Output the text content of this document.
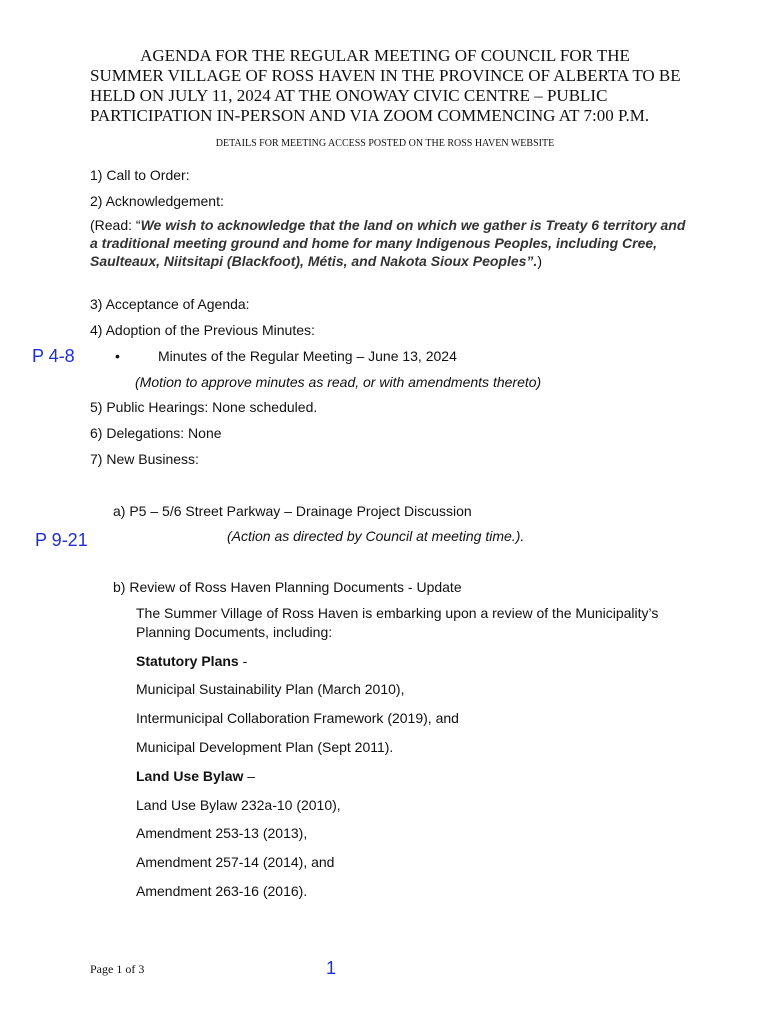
AGENDA FOR THE REGULAR MEETING OF COUNCIL FOR THE
SUMMER VILLAGE OF ROSS HAVEN IN THE PROVINCE OF ALBERTA TO BE
HELD ON JULY 11, 2024 AT THE ONOWAY CIVIC CENTRE – PUBLIC
PARTICIPATION IN-PERSON AND VIA ZOOM COMMENCING AT 7:00 P.M.
DETAILS FOR MEETING ACCESS POSTED ON THE ROSS HAVEN WEBSITE
1) Call to Order:
2) Acknowledgement:
(Read: “We wish to acknowledge that the land on which we gather is Treaty 6 territory and a traditional meeting ground and home for many Indigenous Peoples, including Cree, Saulteaux, Niitsitapi (Blackfoot), Métis, and Nakota Sioux Peoples”.)
3) Acceptance of Agenda:
4) Adoption of the Previous Minutes:
P 4-8	•	Minutes of the Regular Meeting – June 13, 2024
(Motion to approve minutes as read, or with amendments thereto)
5) Public Hearings: None scheduled.
6) Delegations: None
7) New Business:
a) P5 – 5/6 Street Parkway – Drainage Project Discussion
P 9-21	(Action as directed by Council at meeting time.).
b) Review of Ross Haven Planning Documents - Update
The Summer Village of Ross Haven is embarking upon a review of the Municipality’s
Planning Documents, including:
Statutory Plans -
Municipal Sustainability Plan (March 2010),
Intermunicipal Collaboration Framework (2019), and
Municipal Development Plan (Sept 2011).
Land Use Bylaw –
Land Use Bylaw 232a-10 (2010),
Amendment 253-13 (2013),
Amendment 257-14 (2014), and
Amendment 263-16 (2016).
Page 1 of 3	1
